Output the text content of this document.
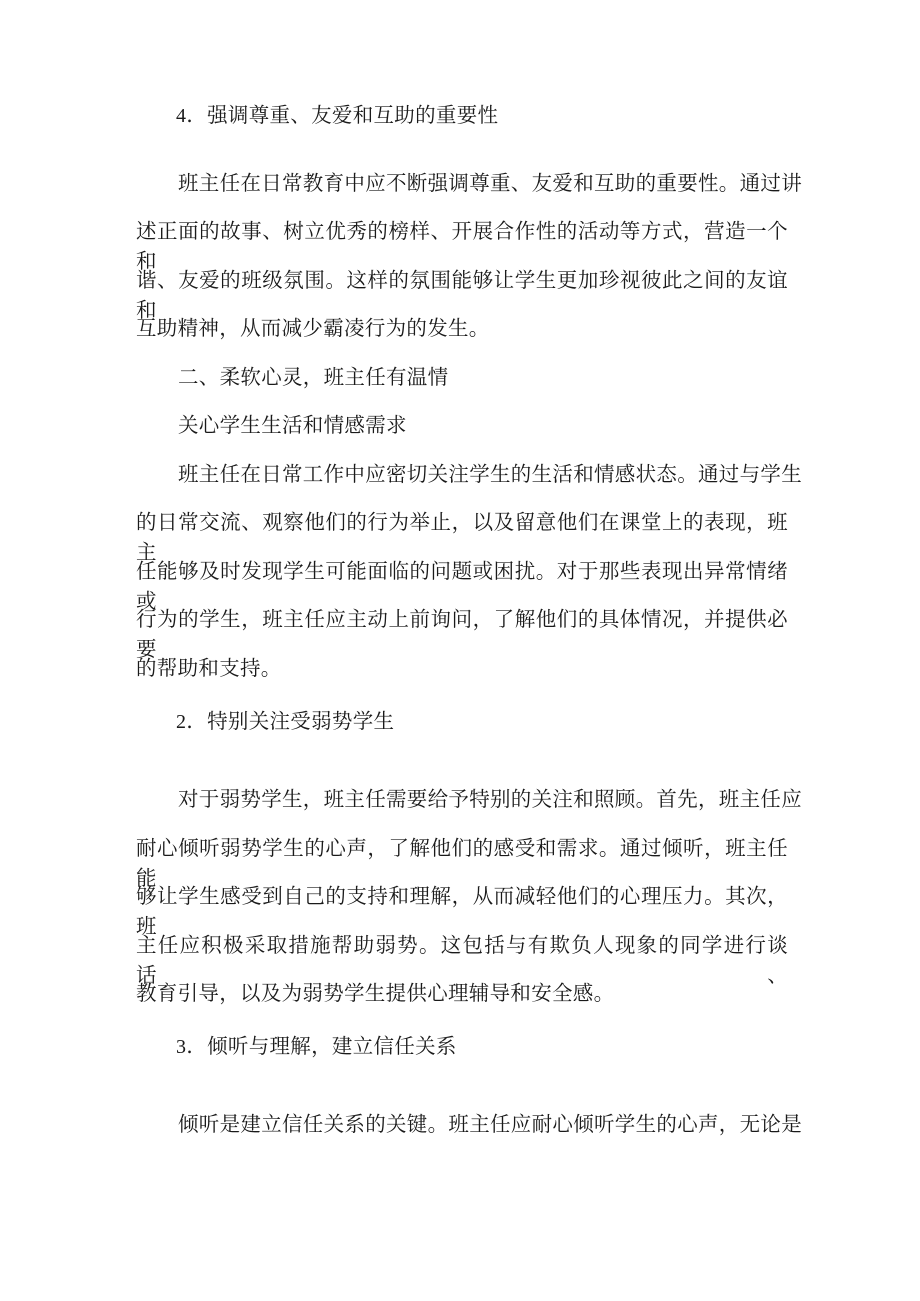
4．强调尊重、友爱和互助的重要性
班主任在日常教育中应不断强调尊重、友爱和互助的重要性。通过讲
述正面的故事、树立优秀的榜样、开展合作性的活动等方式，营造一个和
谐、友爱的班级氛围。这样的氛围能够让学生更加珍视彼此之间的友谊和
互助精神，从而减少霸凌行为的发生。
二、柔软心灵，班主任有温情
关心学生生活和情感需求
班主任在日常工作中应密切关注学生的生活和情感状态。通过与学生
的日常交流、观察他们的行为举止，以及留意他们在课堂上的表现，班主
任能够及时发现学生可能面临的问题或困扰。对于那些表现出异常情绪或
行为的学生，班主任应主动上前询问，了解他们的具体情况，并提供必要
的帮助和支持。
2．特别关注受弱势学生
对于弱势学生，班主任需要给予特别的关注和照顾。首先，班主任应
耐心倾听弱势学生的心声，了解他们的感受和需求。通过倾听，班主任能
够让学生感受到自己的支持和理解，从而减轻他们的心理压力。其次，班
主任应积极采取措施帮助弱势。这包括与有欺负人现象的同学进行谈话、
教育引导，以及为弱势学生提供心理辅导和安全感。
3．倾听与理解，建立信任关系
倾听是建立信任关系的关键。班主任应耐心倾听学生的心声，无论是
